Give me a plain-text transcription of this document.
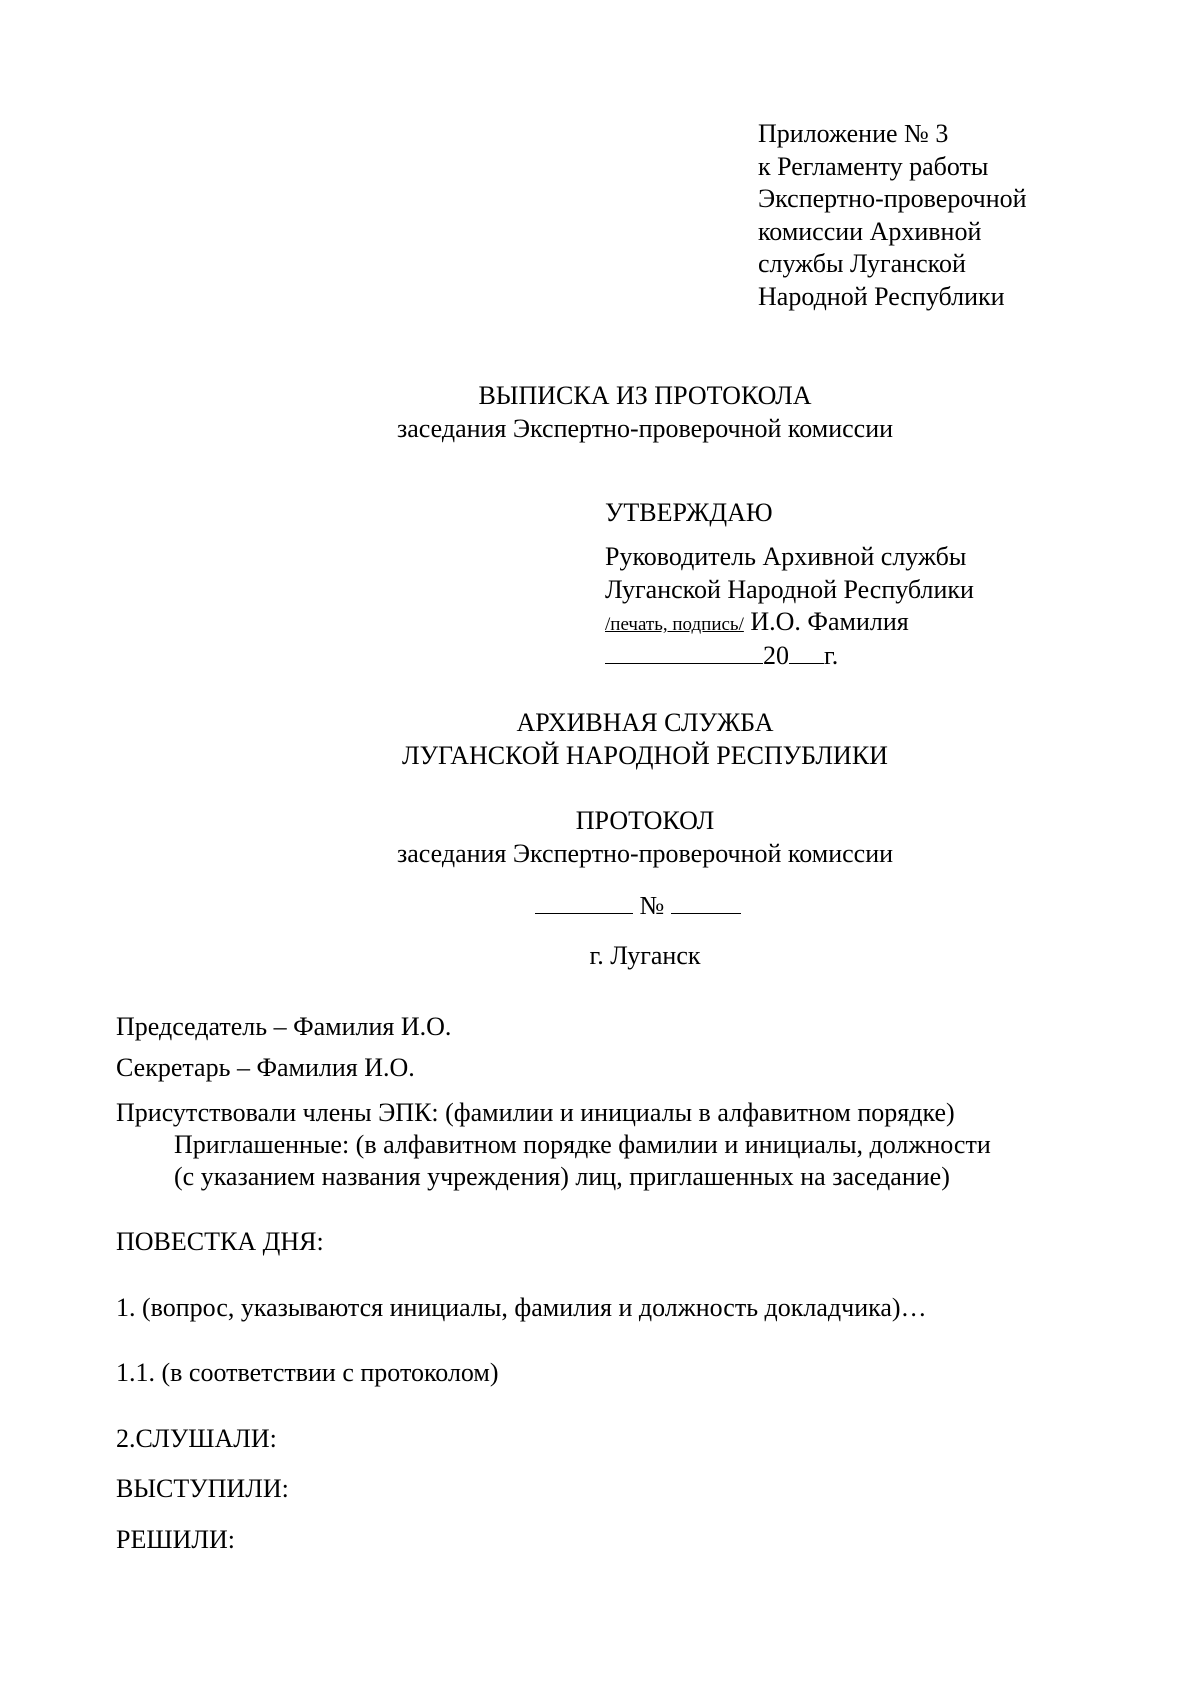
Приложение № 3
к Регламенту работы
Экспертно-проверочной
комиссии Архивной
службы Луганской
Народной Республики
ВЫПИСКА ИЗ ПРОТОКОЛА
заседания Экспертно-проверочной комиссии
УТВЕРЖДАЮ
Руководитель Архивной службы
Луганской Народной Республики
/печать, подпись/ И.О. Фамилия
20 г.
АРХИВНАЯ СЛУЖБА
ЛУГАНСКОЙ НАРОДНОЙ РЕСПУБЛИКИ
ПРОТОКОЛ
заседания Экспертно-проверочной комиссии
№
г. Луганск
Председатель – Фамилия И.О.
Секретарь – Фамилия И.О.
Присутствовали члены ЭПК: (фамилии и инициалы в алфавитном порядке)
Приглашенные: (в алфавитном порядке фамилии и инициалы, должности
(с указанием названия учреждения) лиц, приглашенных на заседание)
ПОВЕСТКА ДНЯ:
1. (вопрос, указываются инициалы, фамилия и должность докладчика)…
1.1. (в соответствии с протоколом)
2.СЛУШАЛИ:
ВЫСТУПИЛИ:
РЕШИЛИ:
